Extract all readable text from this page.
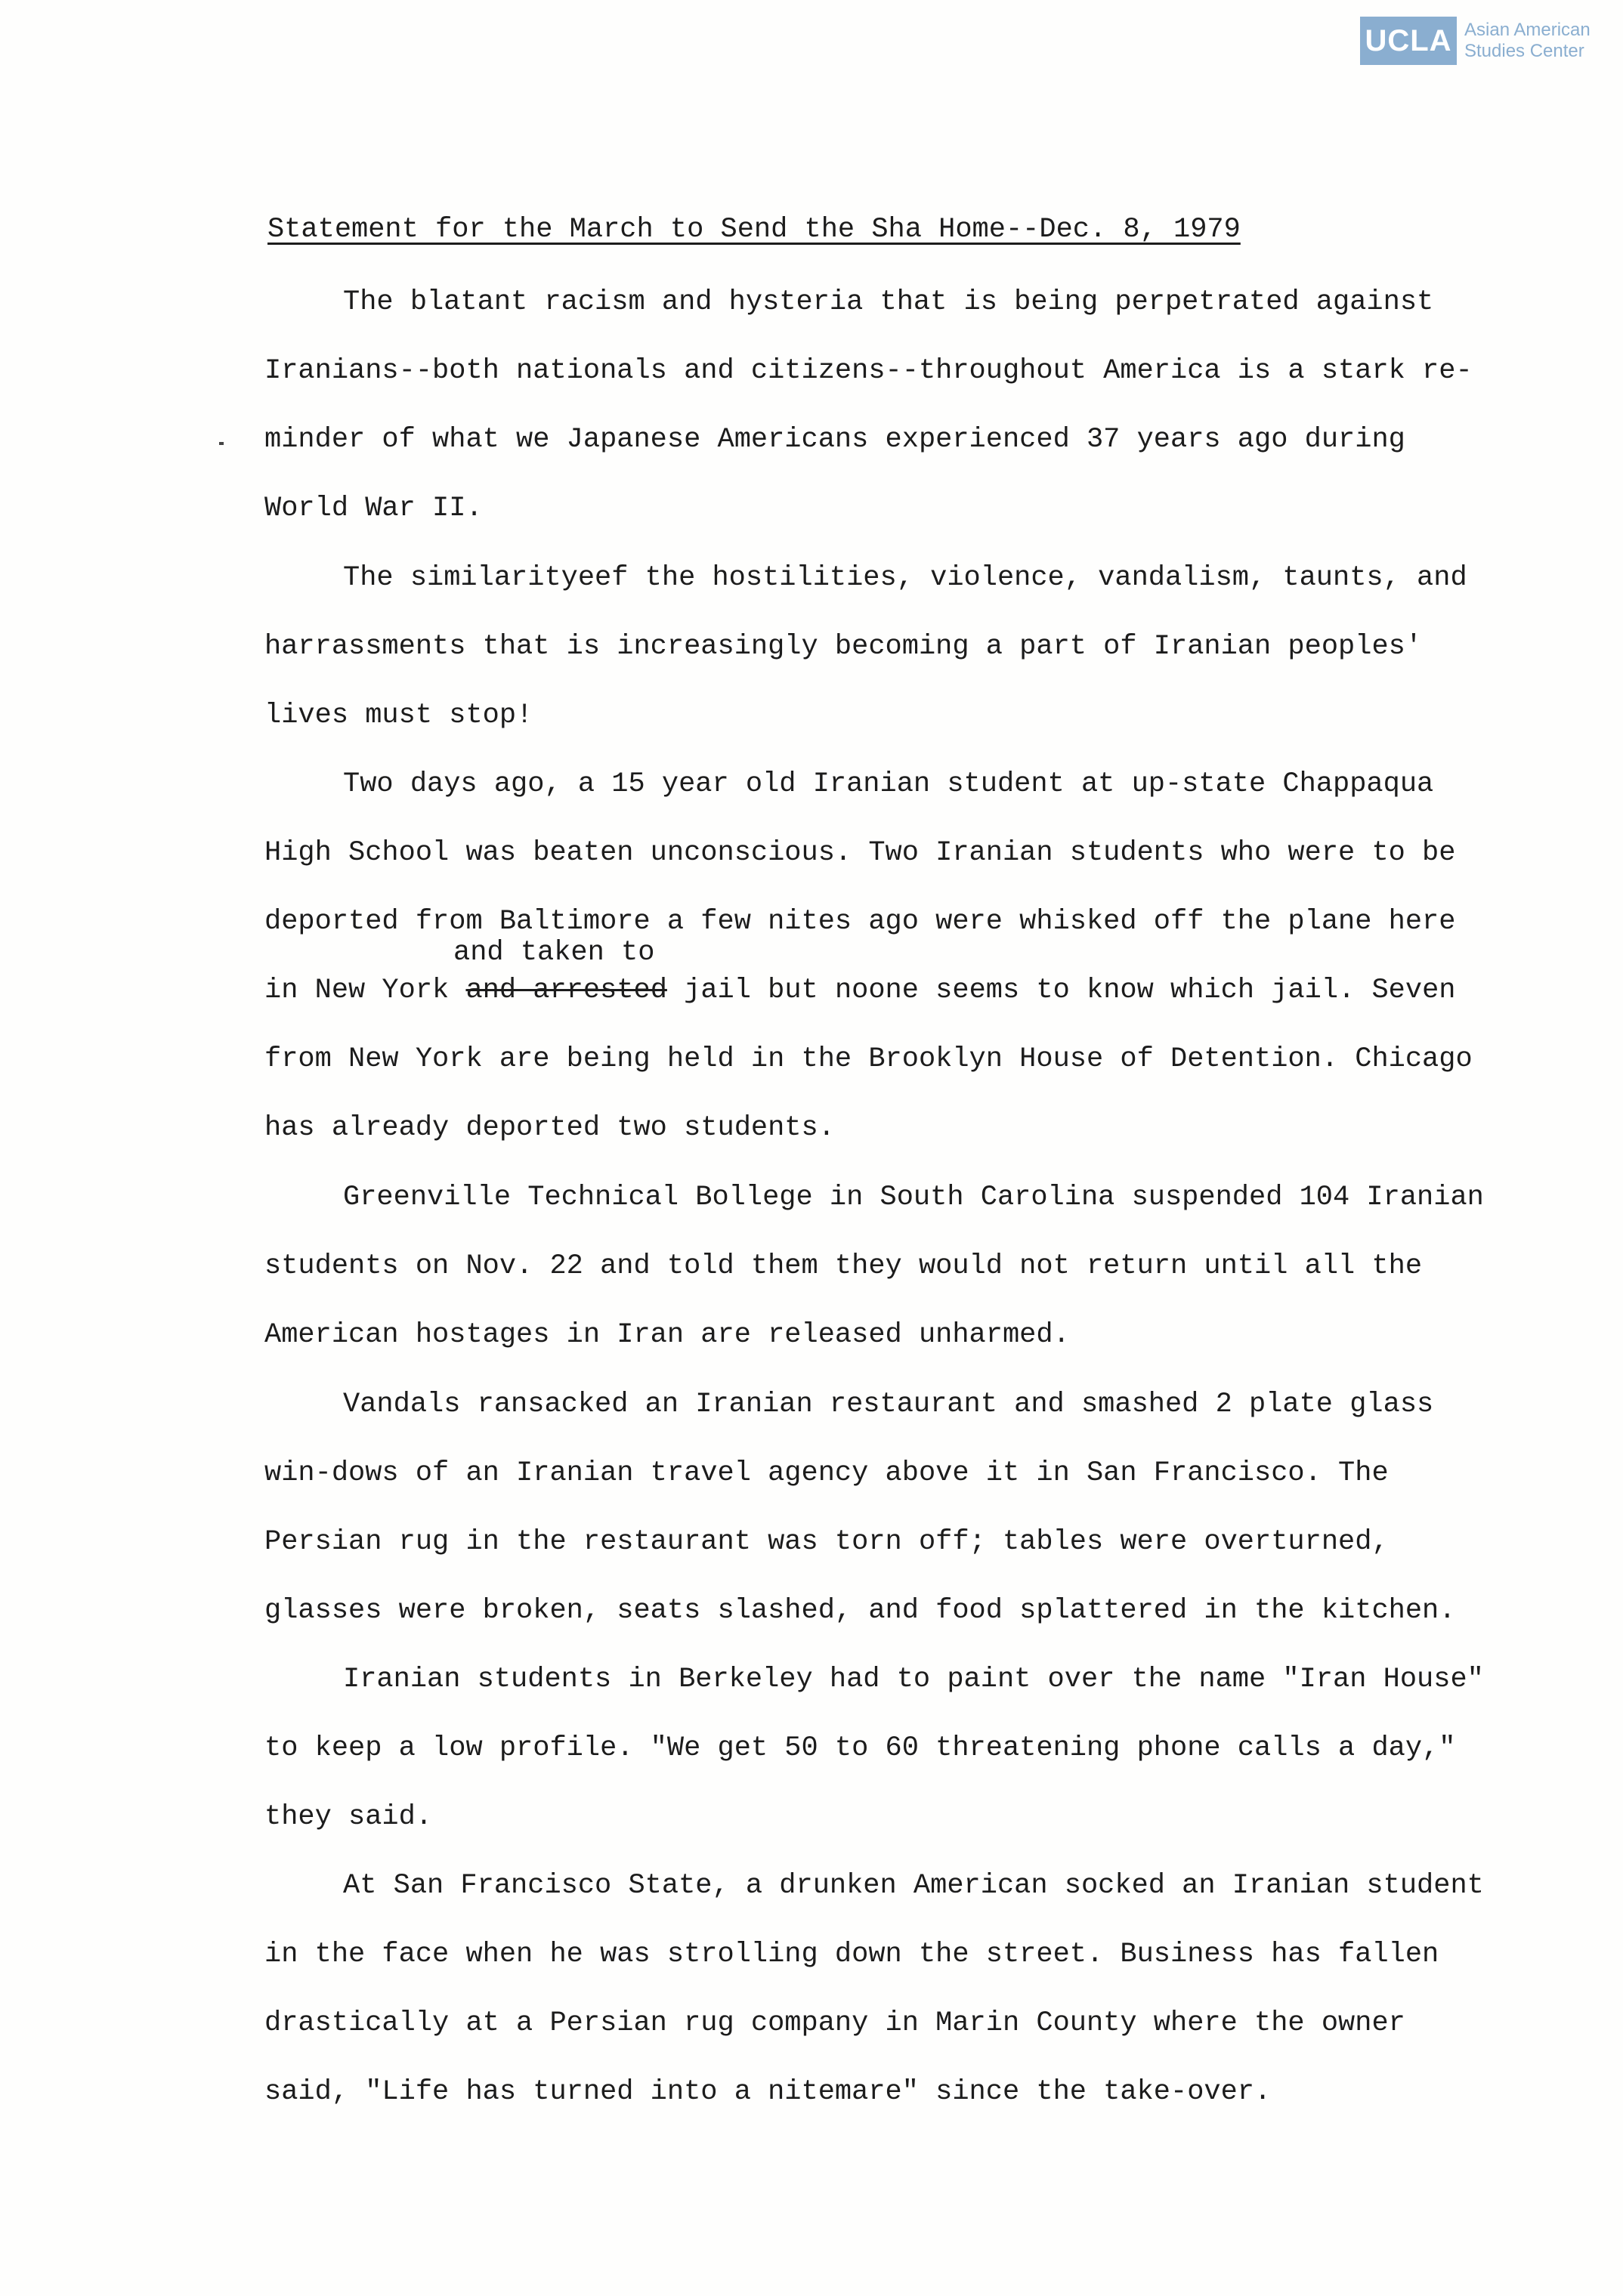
UCLA Asian American
Studies Center
Statement for the March to Send the Sha Home--Dec. 8, 1979

The blatant racism and hysteria that is being perpetrated against Iranians--both nationals and citizens--throughout America is a stark re-minder of what we Japanese Americans experienced 37 years ago during World War II.

The similarityeef the hostilities, violence, vandalism, taunts, and harrassments that is increasingly becoming a part of Iranian peoples' lives must stop!

and taken to

Two days ago, a 15 year old Iranian student at up-state Chappaqua High School was beaten unconscious. Two Iranian students who were to be deported from Baltimore a few nites ago were whisked off the plane here in New York and arrested jail but noone seems to know which jail. Seven from New York are being held in the Brooklyn House of Detention. Chicago has already deported two students.

Greenville Technical Bollege in South Carolina suspended 104 Iranian students on Nov. 22 and told them they would not return until all the American hostages in Iran are released unharmed.

Vandals ransacked an Iranian restaurant and smashed 2 plate glass win-dows of an Iranian travel agency above it in San Francisco. The Persian rug in the restaurant was torn off; tables were overturned, glasses were broken, seats slashed, and food splattered in the kitchen.

Iranian students in Berkeley had to paint over the name "Iran House" to keep a low profile. "We get 50 to 60 threatening phone calls a day," they said.

At San Francisco State, a drunken American socked an Iranian student in the face when he was strolling down the street. Business has fallen drastically at a Persian rug company in Marin County where the owner said, "Life has turned into a nitemare" since the take-over.
